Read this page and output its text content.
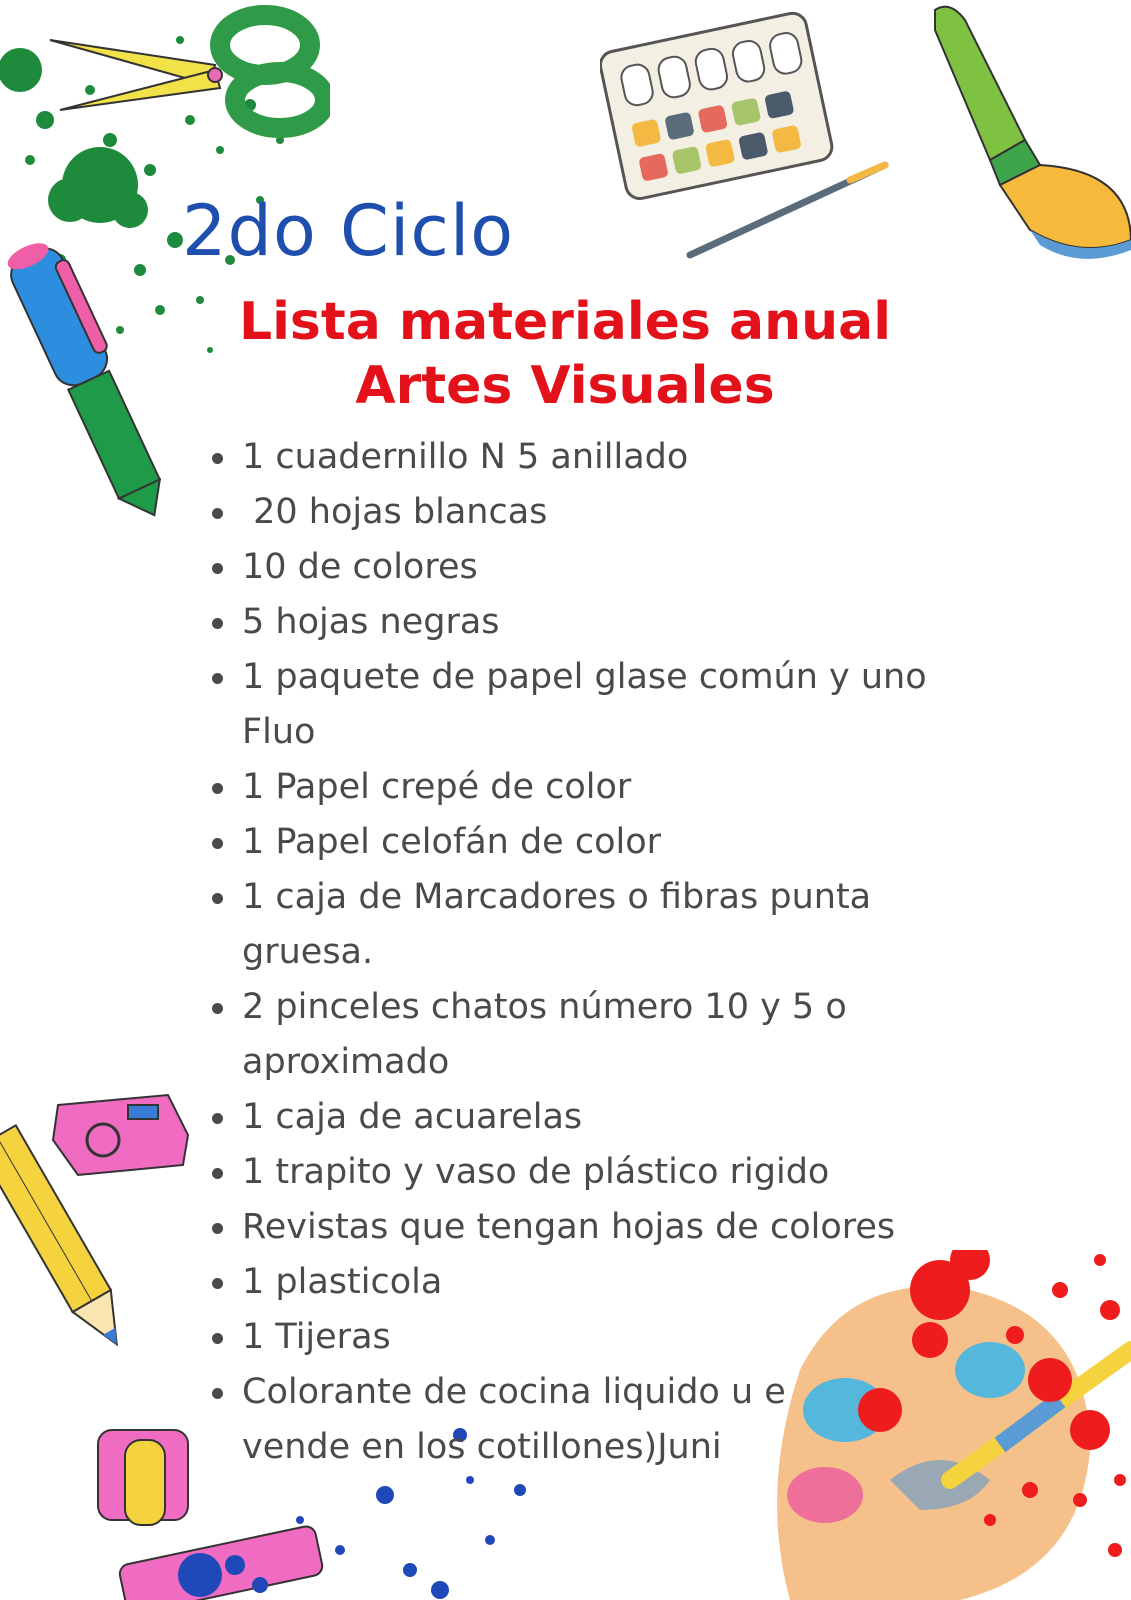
2do Ciclo
Lista materiales anual
Artes Visuales
1 cuadernillo N 5 anillado
20 hojas blancas
10 de colores
5 hojas negras
1 paquete de papel glase común y uno Fluo
1 Papel crepé de color
1 Papel celofán de color
1 caja de Marcadores o fibras punta gruesa.
2 pinceles chatos número 10 y 5 o aproximado
1 caja de acuarelas
1 trapito y vaso de plástico rigido
Revistas que tengan hojas de colores
1 plasticola
1 Tijeras
Colorante de cocina liquido u e vende en los cotillones)Juni
